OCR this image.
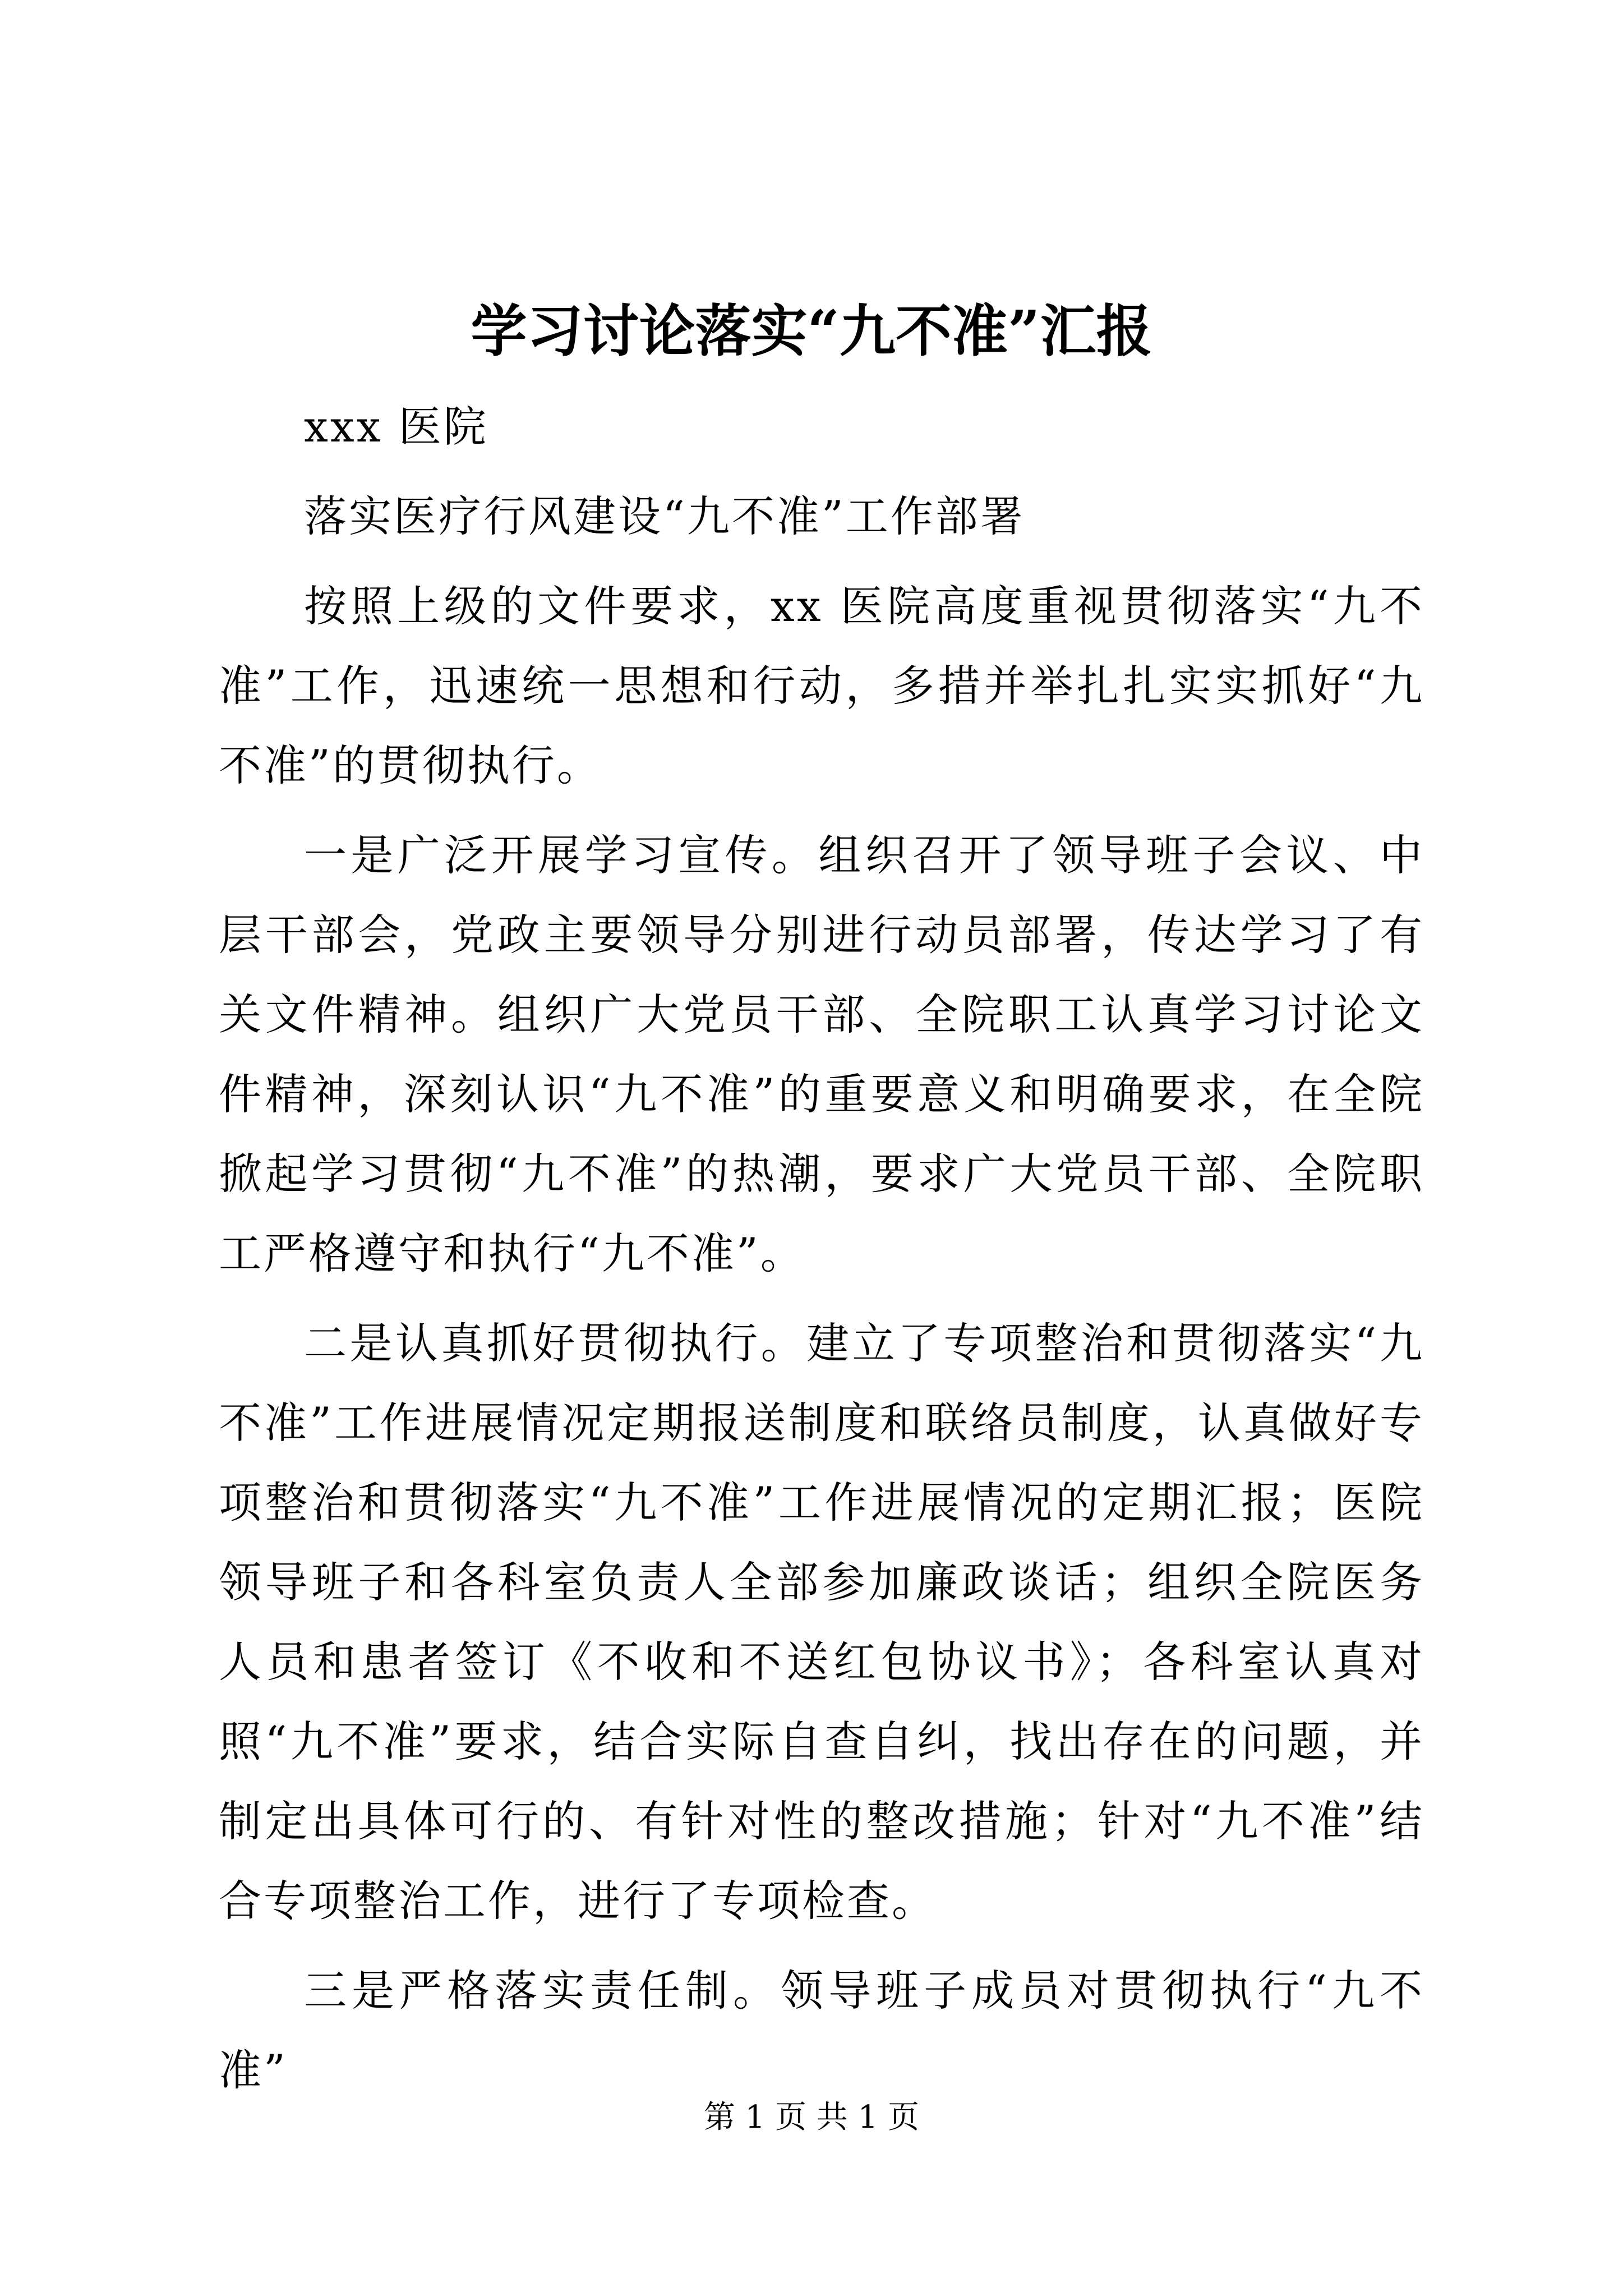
学习讨论落实“九不准”汇报

xxx 医院

落实医疗行风建设“九不准”工作部署

按照上级的文件要求，xx 医院高度重视贯彻落实“九不准”工作，迅速统一思想和行动，多措并举扎扎实实抓好“九不准”的贯彻执行。

一是广泛开展学习宣传。组织召开了领导班子会议、中层干部会，党政主要领导分别进行动员部署，传达学习了有关文件精神。组织广大党员干部、全院职工认真学习讨论文件精神，深刻认识“九不准”的重要意义和明确要求，在全院掀起学习贯彻“九不准”的热潮，要求广大党员干部、全院职工严格遵守和执行“九不准”。

二是认真抓好贯彻执行。建立了专项整治和贯彻落实“九不准”工作进展情况定期报送制度和联络员制度，认真做好专项整治和贯彻落实“九不准”工作进展情况的定期汇报；医院领导班子和各科室负责人全部参加廉政谈话；组织全院医务人员和患者签订《不收和不送红包协议书》；各科室认真对照“九不准”要求，结合实际自查自纠，找出存在的问题，并制定出具体可行的、有针对性的整改措施；针对“九不准”结合专项整治工作，进行了专项检查。

三是严格落实责任制。领导班子成员对贯彻执行“九不准”

第 1 页 共 1 页
